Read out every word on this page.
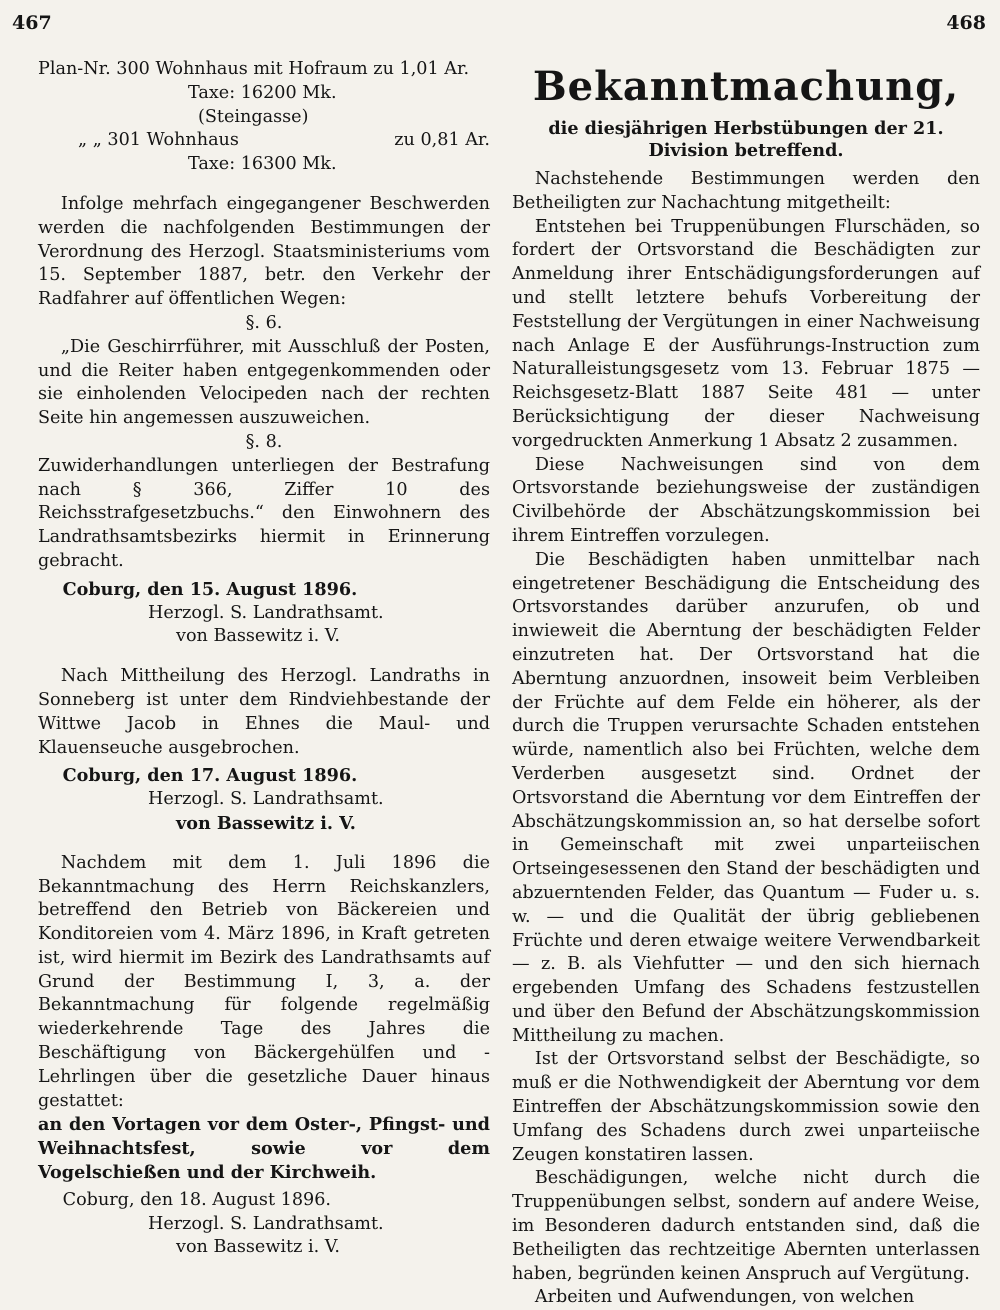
467	468
Plan-Nr. 300 Wohnhaus mit Hofraum zu 1,01 Ar.
Taxe: 16200 Mk.
(Steingasse)
„ „ 301 Wohnhaus	zu 0,81 Ar.
Taxe: 16300 Mk.

Infolge mehrfach eingegangener Beschwerden werden die nachfolgenden Bestimmungen der Verordnung des Herzogl. Staatsministeriums vom 15. September 1887, betr. den Verkehr der Radfahrer auf öffentlichen Wegen:

§. 6.

„Die Geschirrführer, mit Ausschluß der Posten, und die Reiter haben entgegenkommenden oder sie einholenden Velocipeden nach der rechten Seite hin angemessen auszuweichen.

§. 8.

Zuwiderhandlungen unterliegen der Bestrafung nach § 366, Ziffer 10 des Reichsstrafgesetzbuchs.“ den Einwohnern des Landrathsamtsbezirks hiermit in Erinnerung gebracht.

Coburg, den 15. August 1896.

Herzogl. S. Landrathsamt.

von Bassewitz i. V.

Nach Mittheilung des Herzogl. Landraths in Sonneberg ist unter dem Rindviehbestande der Wittwe Jacob in Ehnes die Maul- und Klauenseuche ausgebrochen.

Coburg, den 17. August 1896.

Herzogl. S. Landrathsamt.

von Bassewitz i. V.

Nachdem mit dem 1. Juli 1896 die Bekanntmachung des Herrn Reichskanzlers, betreffend den Betrieb von Bäckereien und Konditoreien vom 4. März 1896, in Kraft getreten ist, wird hiermit im Bezirk des Landrathsamts auf Grund der Bestimmung I, 3, a. der Bekanntmachung für folgende regelmäßig wiederkehrende Tage des Jahres die Beschäftigung von Bäckergehülfen und -Lehrlingen über die gesetzliche Dauer hinaus gestattet:

an den Vortagen vor dem Oster-, Pfingst- und Weihnachtsfest, sowie vor dem Vogelschießen und der Kirchweih.

Coburg, den 18. August 1896.

Herzogl. S. Landrathsamt.

von Bassewitz i. V.

Bekanntmachung,
die diesjährigen Herbstübungen der 21. Division betreffend.

Nachstehende Bestimmungen werden den Betheiligten zur Nachachtung mitgetheilt:

Entstehen bei Truppenübungen Flurschäden, so fordert der Ortsvorstand die Beschädigten zur Anmeldung ihrer Entschädigungsforderungen auf und stellt letztere behufs Vorbereitung der Feststellung der Vergütungen in einer Nachweisung nach Anlage E der Ausführungs-Instruction zum Naturalleistungsgesetz vom 13. Februar 1875 — Reichsgesetz-Blatt 1887 Seite 481 — unter Berücksichtigung der dieser Nachweisung vorgedruckten Anmerkung 1 Absatz 2 zusammen.

Diese Nachweisungen sind von dem Ortsvorstande beziehungsweise der zuständigen Civilbehörde der Abschätzungskommission bei ihrem Eintreffen vorzulegen.

Die Beschädigten haben unmittelbar nach eingetretener Beschädigung die Entscheidung des Ortsvorstandes darüber anzurufen, ob und inwieweit die Aberntung der beschädigten Felder einzutreten hat. Der Ortsvorstand hat die Aberntung anzuordnen, insoweit beim Verbleiben der Früchte auf dem Felde ein höherer, als der durch die Truppen verursachte Schaden entstehen würde, namentlich also bei Früchten, welche dem Verderben ausgesetzt sind. Ordnet der Ortsvorstand die Aberntung vor dem Eintreffen der Abschätzungskommission an, so hat derselbe sofort in Gemeinschaft mit zwei unparteiischen Ortseingesessenen den Stand der beschädigten und abzuerntenden Felder, das Quantum — Fuder u. s. w. — und die Qualität der übrig gebliebenen Früchte und deren etwaige weitere Verwendbarkeit — z. B. als Viehfutter — und den sich hiernach ergebenden Umfang des Schadens festzustellen und über den Befund der Abschätzungskommission Mittheilung zu machen.

Ist der Ortsvorstand selbst der Beschädigte, so muß er die Nothwendigkeit der Aberntung vor dem Eintreffen der Abschätzungskommission sowie den Umfang des Schadens durch zwei unparteiische Zeugen konstatiren lassen.

Beschädigungen, welche nicht durch die Truppenübungen selbst, sondern auf andere Weise, im Besonderen dadurch entstanden sind, daß die Betheiligten das rechtzeitige Abernten unterlassen haben, begründen keinen Anspruch auf Vergütung.

Arbeiten und Aufwendungen, von welchen
